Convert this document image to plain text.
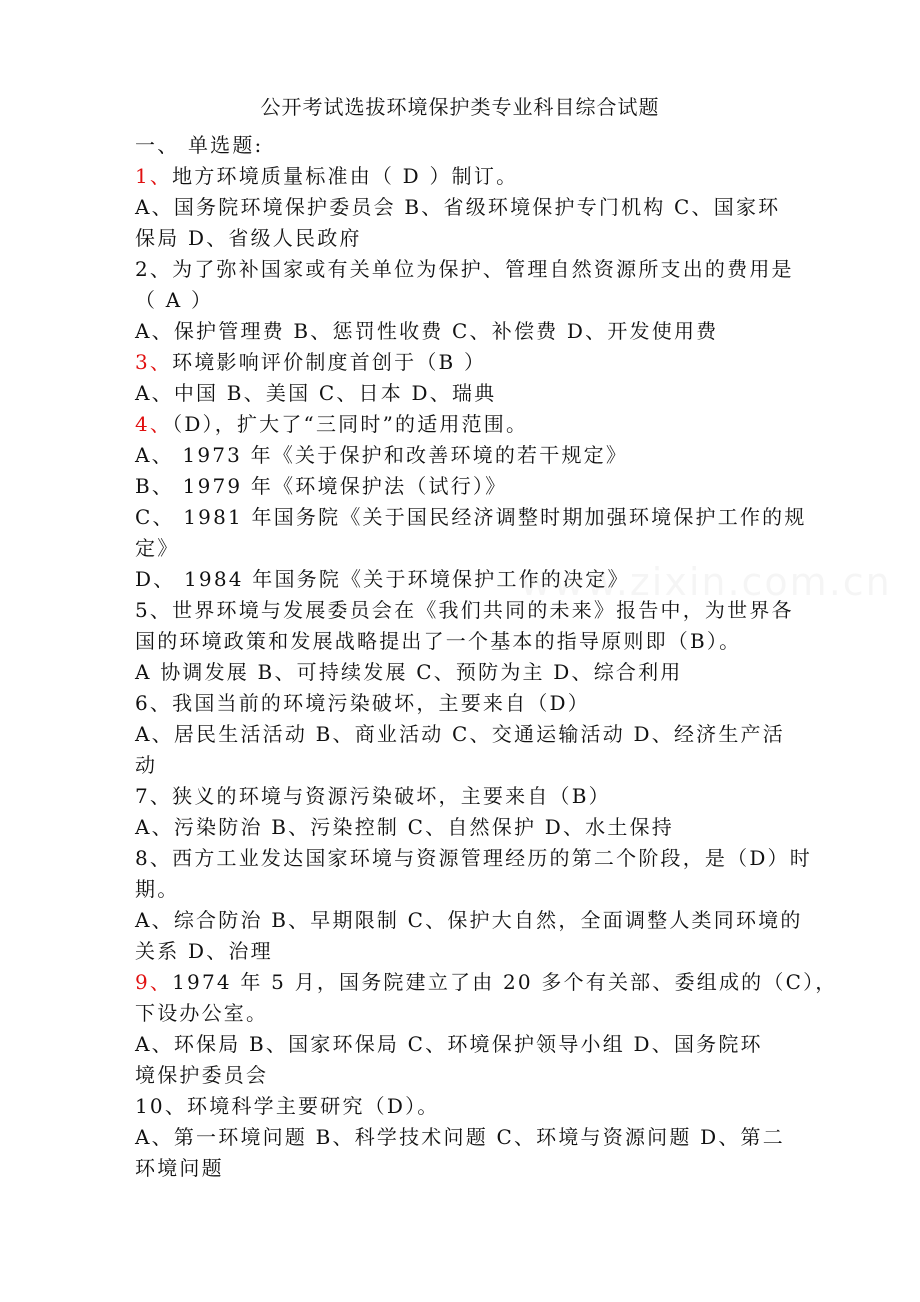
公开考试选拔环境保护类专业科目综合试题
一、 单选题:
1、地方环境质量标准由（ D ）制订。
A、国务院环境保护委员会 B、省级环境保护专门机构 C、国家环
保局 D、省级人民政府
2、为了弥补国家或有关单位为保护、管理自然资源所支出的费用是
（ A ）
A、保护管理费 B、惩罚性收费 C、补偿费 D、开发使用费
3、环境影响评价制度首创于（B ）
A、中国 B、美国 C、日本 D、瑞典
4、（D），扩大了“三同时”的适用范围。
A、 1973 年《关于保护和改善环境的若干规定》
B、 1979 年《环境保护法（试行）》
C、 1981 年国务院《关于国民经济调整时期加强环境保护工作的规
定》
D、 1984 年国务院《关于环境保护工作的决定》
5、世界环境与发展委员会在《我们共同的未来》报告中，为世界各
国的环境政策和发展战略提出了一个基本的指导原则即（B）。
A 协调发展 B、可持续发展 C、预防为主 D、综合利用
6、我国当前的环境污染破坏，主要来自（D）
A、居民生活活动 B、商业活动 C、交通运输活动 D、经济生产活
动
7、狭义的环境与资源污染破坏，主要来自（B）
A、污染防治 B、污染控制 C、自然保护 D、水土保持
8、西方工业发达国家环境与资源管理经历的第二个阶段，是（D）时
期。
A、综合防治 B、早期限制 C、保护大自然，全面调整人类同环境的
关系 D、治理
9、1974 年 5 月，国务院建立了由 20 多个有关部、委组成的（C），
下设办公室。
A、环保局 B、国家环保局 C、环境保护领导小组 D、国务院环
境保护委员会
10、环境科学主要研究（D）。
A、第一环境问题 B、科学技术问题 C、环境与资源问题 D、第二
环境问题
